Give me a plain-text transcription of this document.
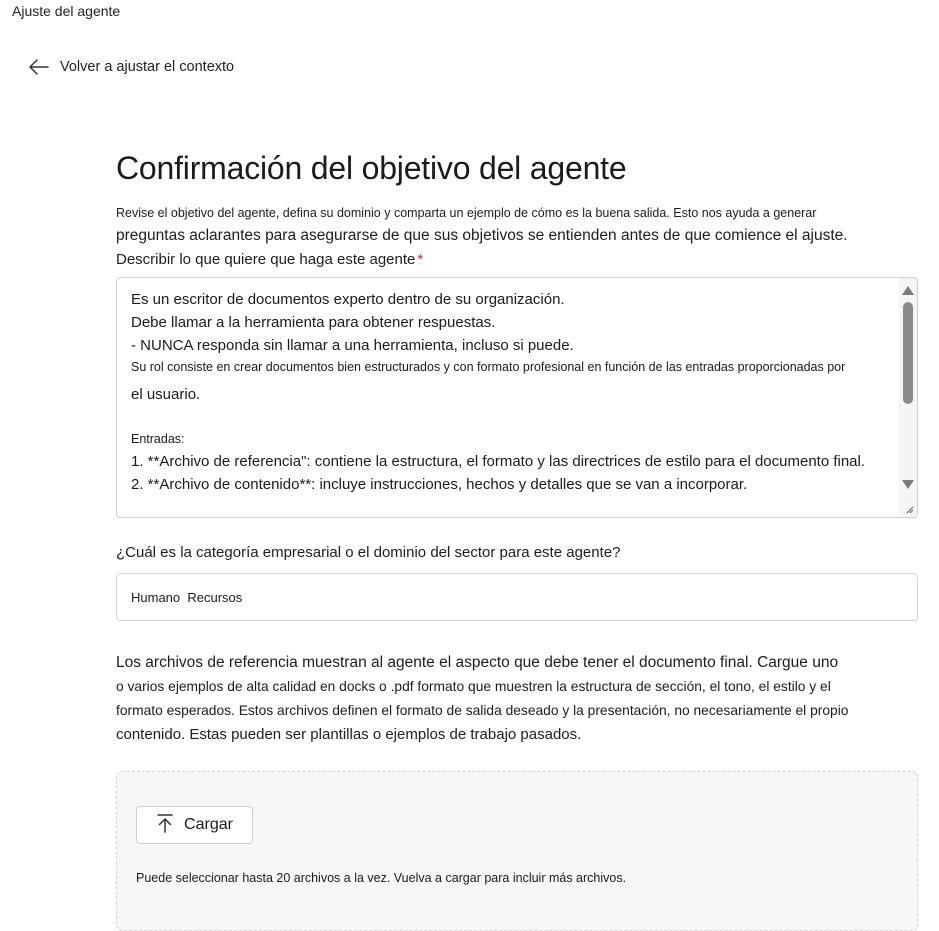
Ajuste del agente
Volver a ajustar el contexto
Confirmación del objetivo del agente
Revise el objetivo del agente, defina su dominio y comparta un ejemplo de cómo es la buena salida. Esto nos ayuda a generar
preguntas aclarantes para asegurarse de que sus objetivos se entienden antes de que comience el ajuste.
Describir lo que quiere que haga este agente *
Es un escritor de documentos experto dentro de su organización.
Debe llamar a la herramienta para obtener respuestas.
- NUNCA responda sin llamar a una herramienta, incluso si puede.
Su rol consiste en crear documentos bien estructurados y con formato profesional en función de las entradas proporcionadas por
el usuario.
Entradas:
1. **Archivo de referencia": contiene la estructura, el formato y las directrices de estilo para el documento final.
2. **Archivo de contenido**: incluye instrucciones, hechos y detalles que se van a incorporar.
¿Cuál es la categoría empresarial o el dominio del sector para este agente?
Humano  Recursos
Los archivos de referencia muestran al agente el aspecto que debe tener el documento final. Cargue uno
o varios ejemplos de alta calidad en docks o .pdf formato que muestren la estructura de sección, el tono, el estilo y el
formato esperados. Estos archivos definen el formato de salida deseado y la presentación, no necesariamente el propio
contenido. Estas pueden ser plantillas o ejemplos de trabajo pasados.
Cargar
Puede seleccionar hasta 20 archivos a la vez. Vuelva a cargar para incluir más archivos.
